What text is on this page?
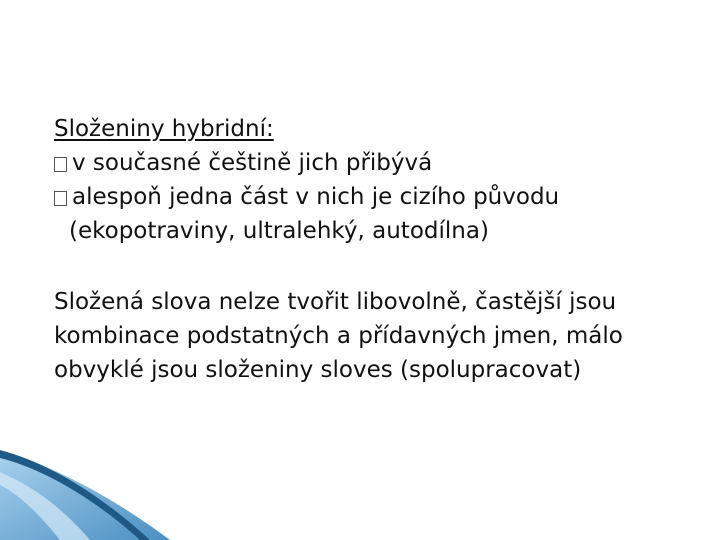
Složeniny hybridní:

v současné češtině jich přibývá
alespoň jedna část v nich je cizího původu
(ekopotraviny, ultralehký, autodílna)
Složená slova nelze tvořit libovolně, častější jsou kombinace podstatných a přídavných jmen, málo obvyklé jsou složeniny sloves (spolupracovat)
